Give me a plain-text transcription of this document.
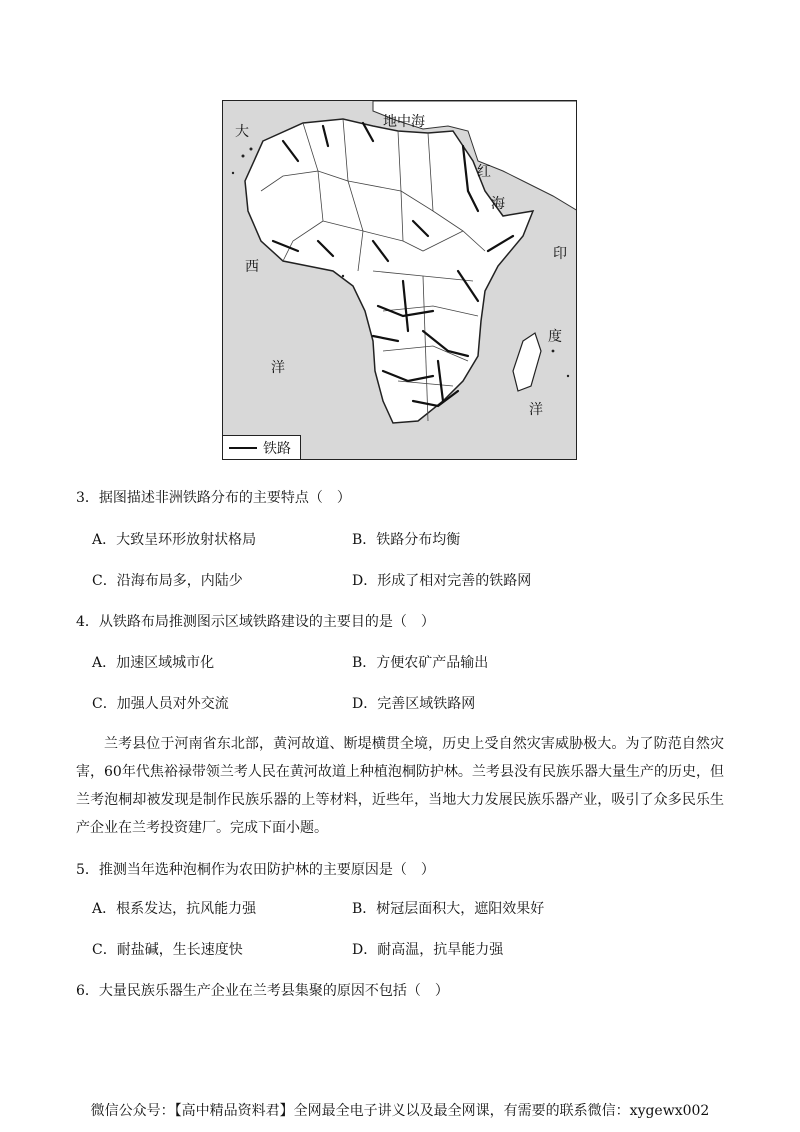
大
西
洋
地中海
红
海
印
度
洋
铁路
3．据图描述非洲铁路分布的主要特点（　）
A．大致呈环形放射状格局	B．铁路分布均衡
C．沿海布局多，内陆少	D．形成了相对完善的铁路网
4．从铁路布局推测图示区域铁路建设的主要目的是（　）
A．加速区域城市化	B．方便农矿产品输出
C．加强人员对外交流	D．完善区域铁路网
兰考县位于河南省东北部，黄河故道、断堤横贯全境，历史上受自然灾害威胁极大。为了防范自然灾害，60年代焦裕禄带领兰考人民在黄河故道上种植泡桐防护林。兰考县没有民族乐器大量生产的历史，但兰考泡桐却被发现是制作民族乐器的上等材料，近些年，当地大力发展民族乐器产业，吸引了众多民乐生产企业在兰考投资建厂。完成下面小题。
5．推测当年选种泡桐作为农田防护林的主要原因是（　）
A．根系发达，抗风能力强	B．树冠层面积大，遮阳效果好
C．耐盐碱，生长速度快	D．耐高温，抗旱能力强
6．大量民族乐器生产企业在兰考县集聚的原因不包括（　）
微信公众号：【高中精品资料君】全网最全电子讲义以及最全网课，有需要的联系微信：xygewx002
